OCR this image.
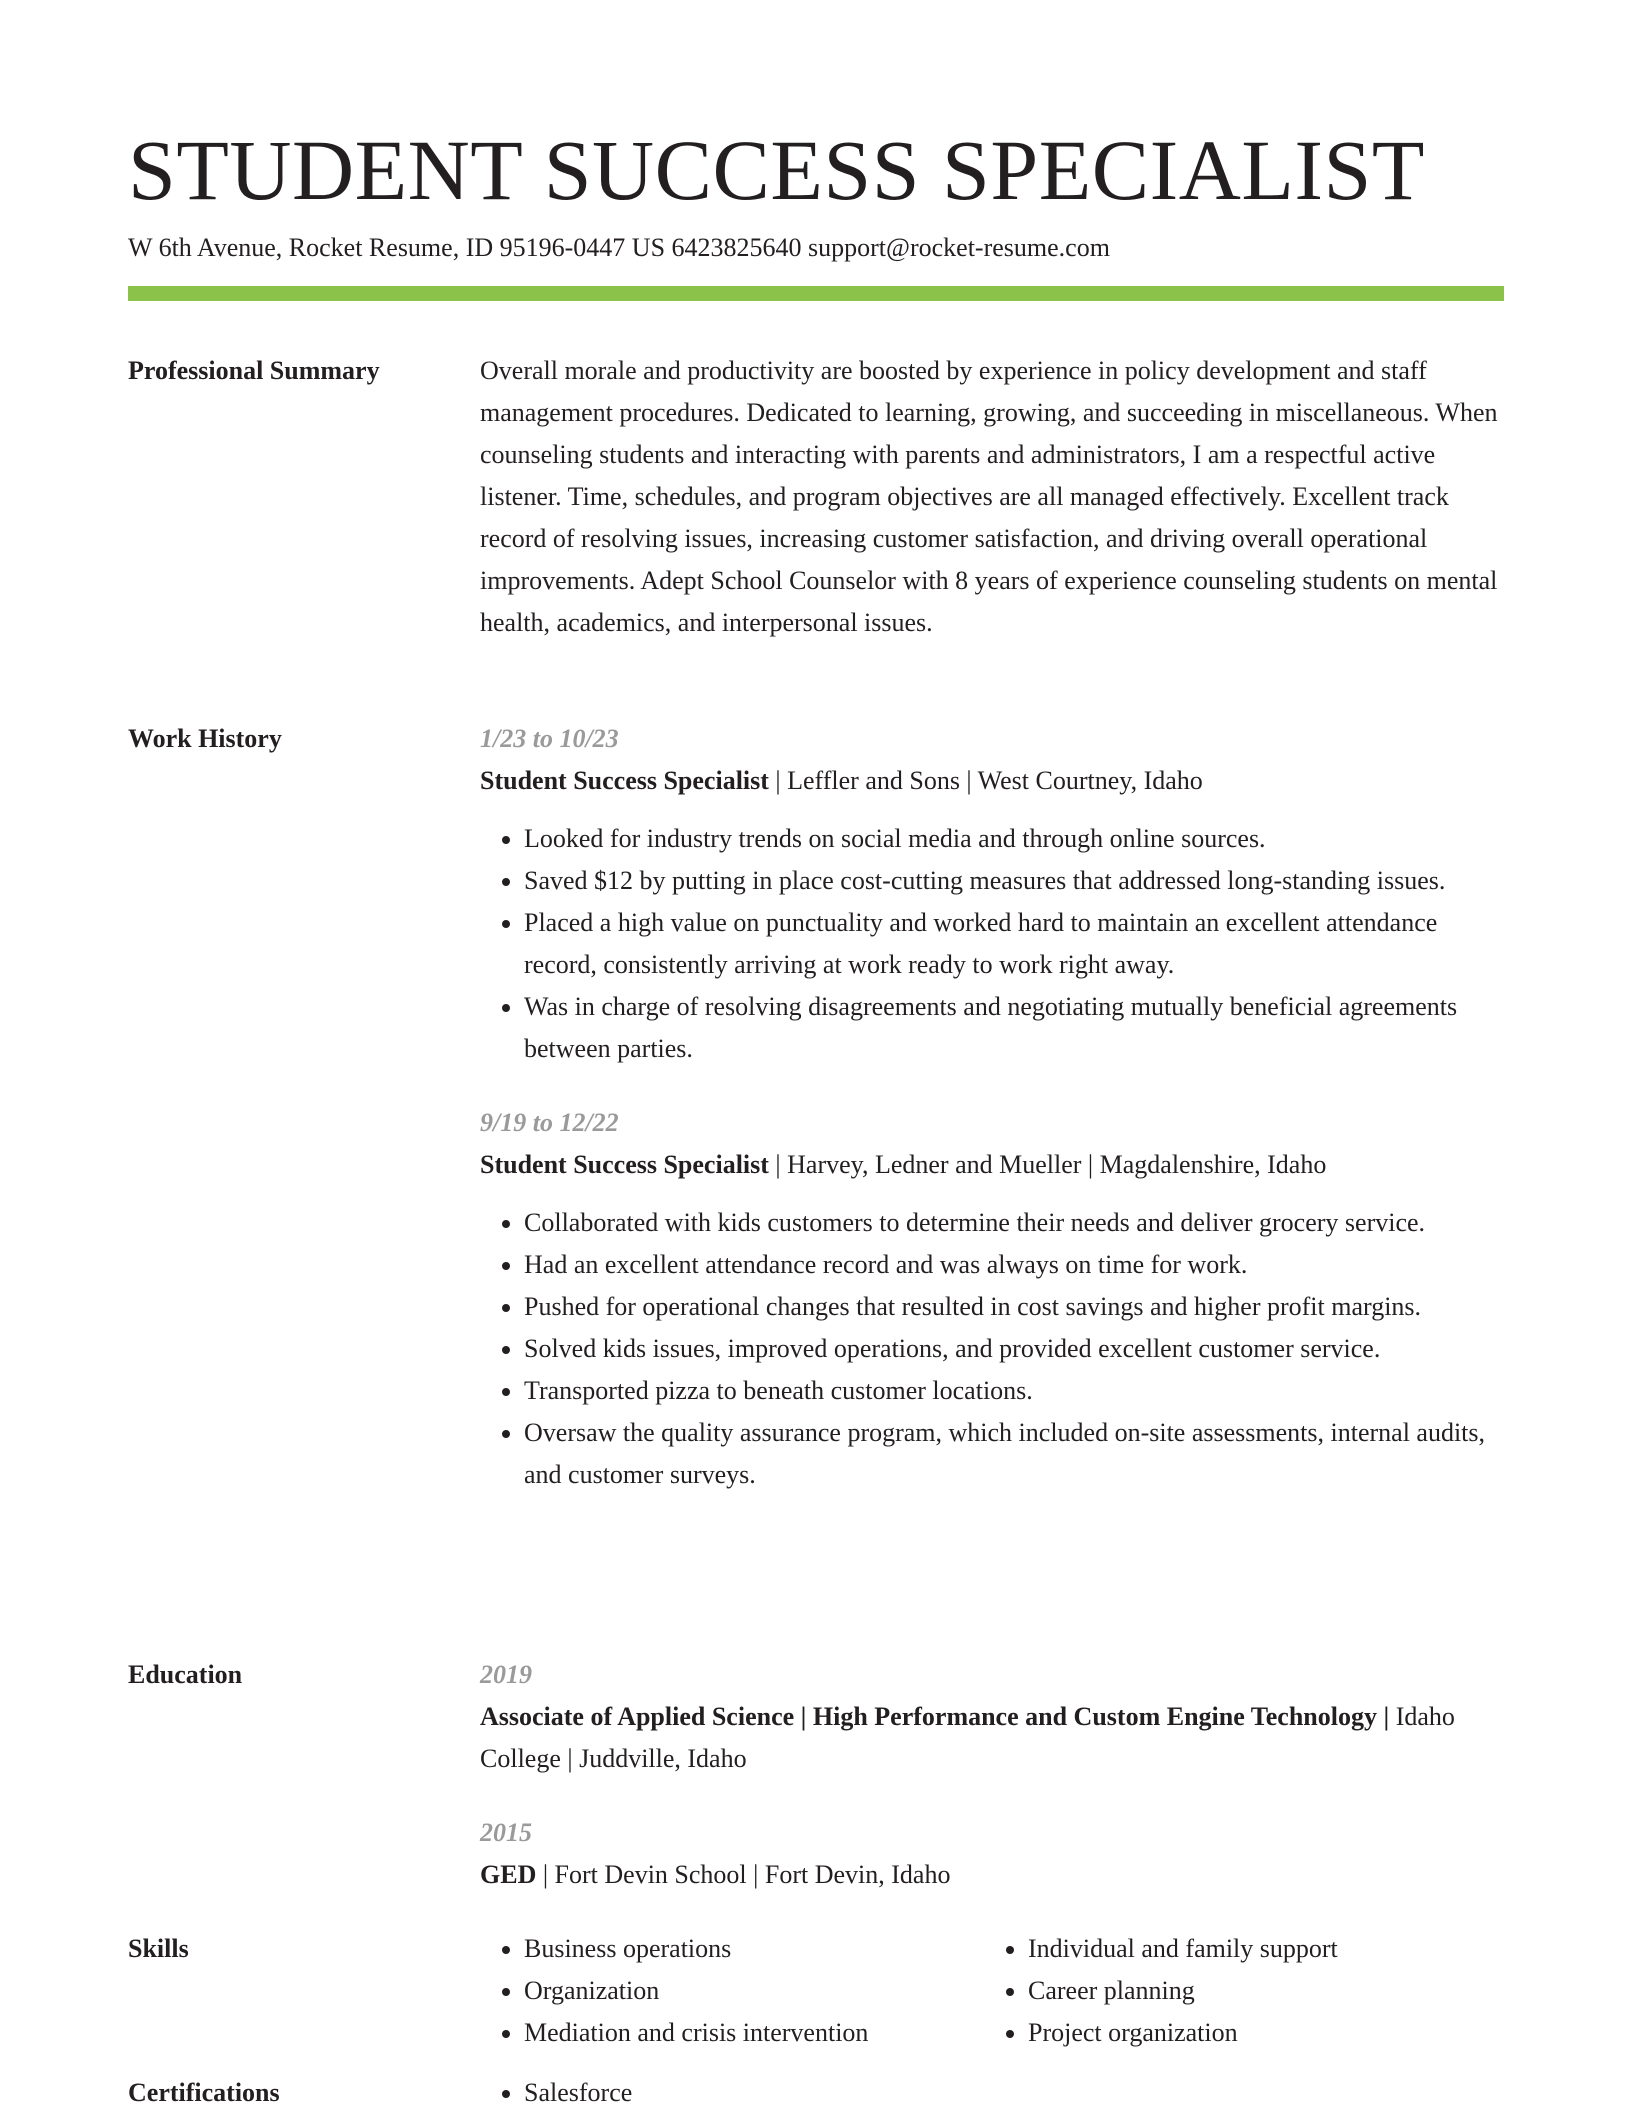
STUDENT SUCCESS SPECIALIST
W 6th Avenue, Rocket Resume, ID 95196-0447 US 6423825640 support@rocket-resume.com
Professional Summary	Overall morale and productivity are boosted by experience in policy development and staff management procedures. Dedicated to learning, growing, and succeeding in miscellaneous. When counseling students and interacting with parents and administrators, I am a respectful active listener. Time, schedules, and program objectives are all managed effectively. Excellent track record of resolving issues, increasing customer satisfaction, and driving overall operational improvements. Adept School Counselor with 8 years of experience counseling students on mental health, academics, and interpersonal issues.
Work History	1/23 to 10/23
Student Success Specialist | Leffler and Sons | West Courtney, Idaho
• Looked for industry trends on social media and through online sources.
• Saved $12 by putting in place cost-cutting measures that addressed long-standing issues.
• Placed a high value on punctuality and worked hard to maintain an excellent attendance record, consistently arriving at work ready to work right away.
• Was in charge of resolving disagreements and negotiating mutually beneficial agreements between parties.
9/19 to 12/22
Student Success Specialist | Harvey, Ledner and Mueller | Magdalenshire, Idaho
• Collaborated with kids customers to determine their needs and deliver grocery service.
• Had an excellent attendance record and was always on time for work.
• Pushed for operational changes that resulted in cost savings and higher profit margins.
• Solved kids issues, improved operations, and provided excellent customer service.
• Transported pizza to beneath customer locations.
• Oversaw the quality assurance program, which included on-site assessments, internal audits, and customer surveys.
Education	2019
Associate of Applied Science | High Performance and Custom Engine Technology | Idaho College | Juddville, Idaho
2015
GED | Fort Devin School | Fort Devin, Idaho
Skills	• Business operations
• Organization
• Mediation and crisis intervention
• Individual and family support
• Career planning
• Project organization
Certifications	• Salesforce
